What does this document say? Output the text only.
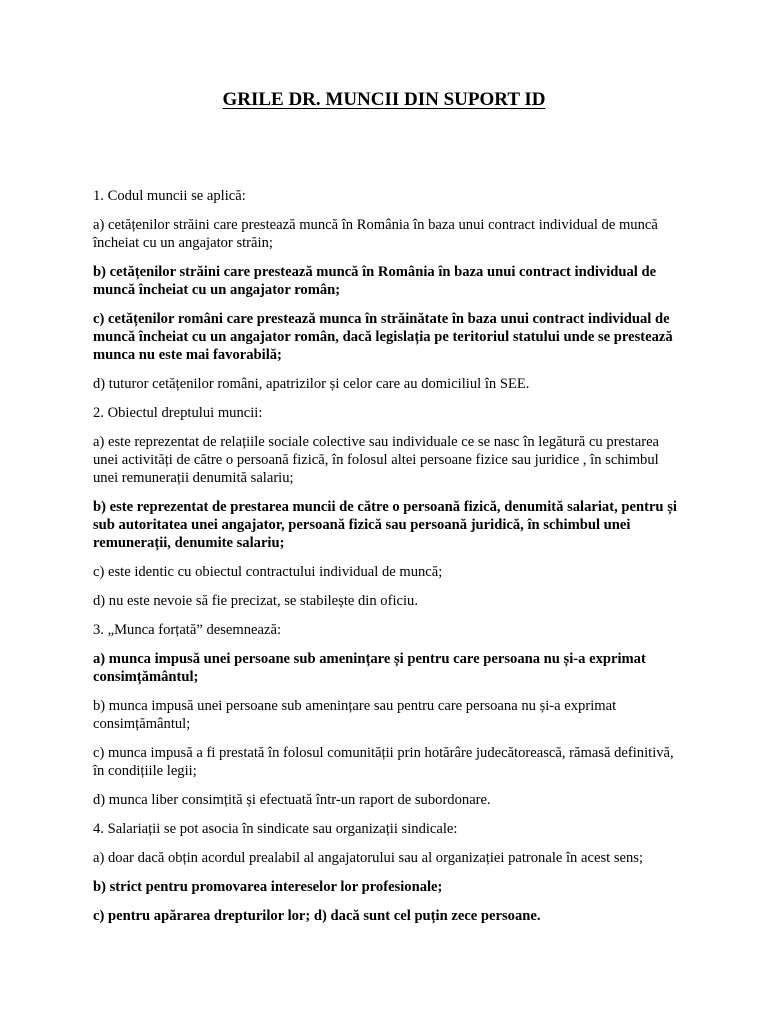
GRILE DR. MUNCII DIN SUPORT ID

1. Codul muncii se aplică:

a) cetățenilor străini care prestează muncă în România în baza unui contract individual de muncă încheiat cu un angajator străin;

b) cetățenilor străini care prestează muncă în România în baza unui contract individual de muncă încheiat cu un angajator român;

c) cetățenilor români care prestează munca în străinătate în baza unui contract individual de muncă încheiat cu un angajator român, dacă legislația pe teritoriul statului unde se prestează munca nu este mai favorabilă;

d) tuturor cetățenilor români, apatrizilor și celor care au domiciliul în SEE.

2. Obiectul dreptului muncii:

a) este reprezentat de relațiile sociale colective sau individuale ce se nasc în legătură cu prestarea unei activități de către o persoană fizică, în folosul altei persoane fizice sau juridice , în schimbul unei remunerații denumită salariu;

b) este reprezentat de prestarea muncii de către o persoană fizică, denumită salariat, pentru și sub autoritatea unei angajator, persoană fizică sau persoană juridică, în schimbul unei remunerații, denumite salariu;

c) este identic cu obiectul contractului individual de muncă;

d) nu este nevoie să fie precizat, se stabilește din oficiu.

3. „Munca forțată” desemnează:

a) munca impusă unei persoane sub amenințare și pentru care persoana nu și-a exprimat consimțământul;

b) munca impusă unei persoane sub amenințare sau pentru care persoana nu și-a exprimat consimțământul;

c) munca impusă a fi prestată în folosul comunității prin hotărâre judecătorească, rămasă definitivă, în condițiile legii;

d) munca liber consimțită și efectuată într-un raport de subordonare.

4. Salariații se pot asocia în sindicate sau organizații sindicale:

a) doar dacă obțin acordul prealabil al angajatorului sau al organizației patronale în acest sens;

b) strict pentru promovarea intereselor lor profesionale;

c) pentru apărarea drepturilor lor; d) dacă sunt cel puțin zece persoane.
